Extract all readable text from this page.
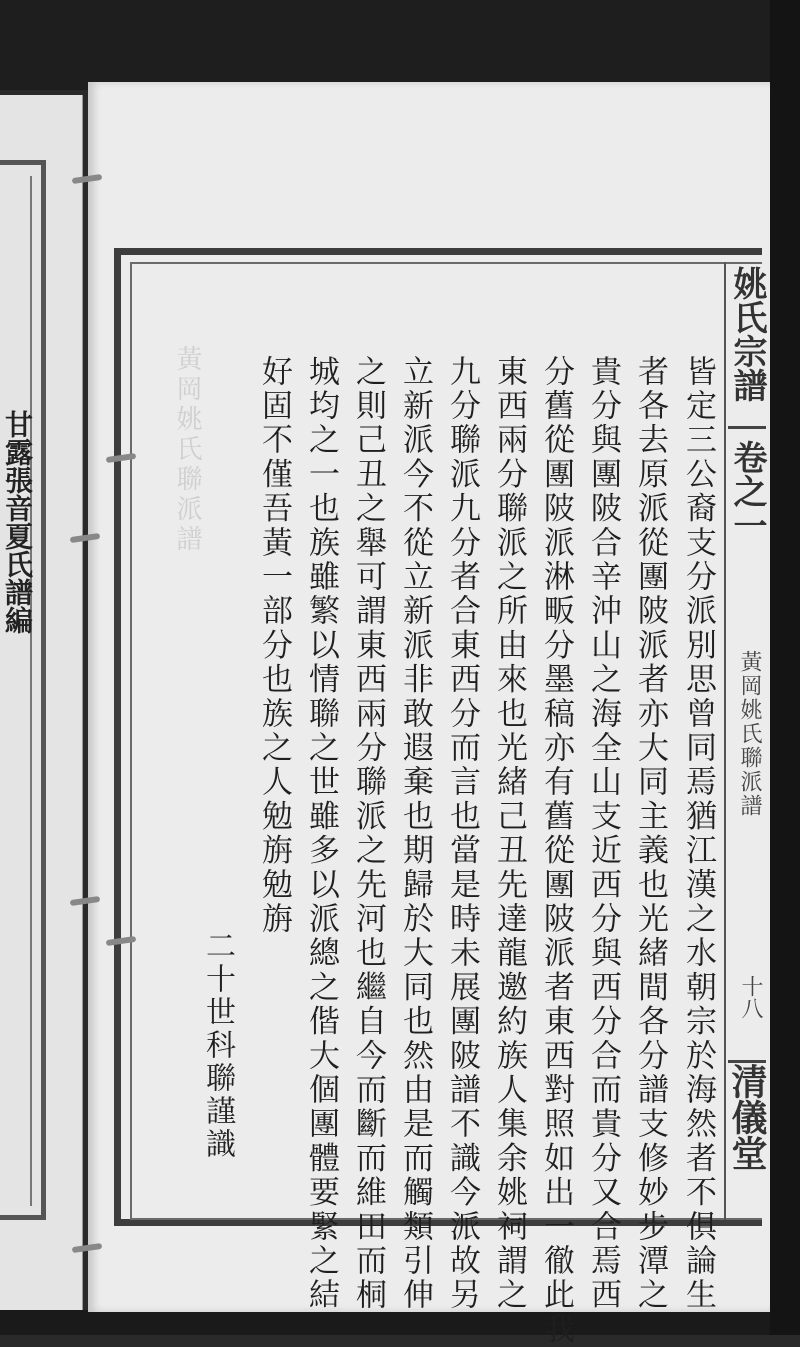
甘露張音夏氏譜編
姚氏宗譜
卷之一
黃岡姚氏聯派譜
十八
清儀堂
黃岡姚氏聯派譜	皆定三公裔支分派別思曾同焉猶江漢之水朝宗於海然者不俱論生
者各去原派從團陂派者亦大同主義也光緒間各分譜支修妙步潭之
貴分與團陂合辛沖山之海全山支近西分與西分合而貴分又合焉西
分舊從團陂派淋畈分墨稿亦有舊從團陂派者東西對照如出一徹此我
東西兩分聯派之所由來也光緒己丑先達龍邀約族人集余姚祠謂之
九分聯派九分者合東西分而言也當是時未展團陂譜不識今派故另
立新派今不從立新派非敢遐棄也期歸於大同也然由是而觸類引伸
之則己丑之舉可謂東西兩分聯派之先河也繼自今而斷而維田而桐
城均之一也族雖繁以情聯之世雖多以派總之偕大個團體要緊之結
好固不僅吾黃一部分也族之人勉旃勉旃
二十世科聯謹識
